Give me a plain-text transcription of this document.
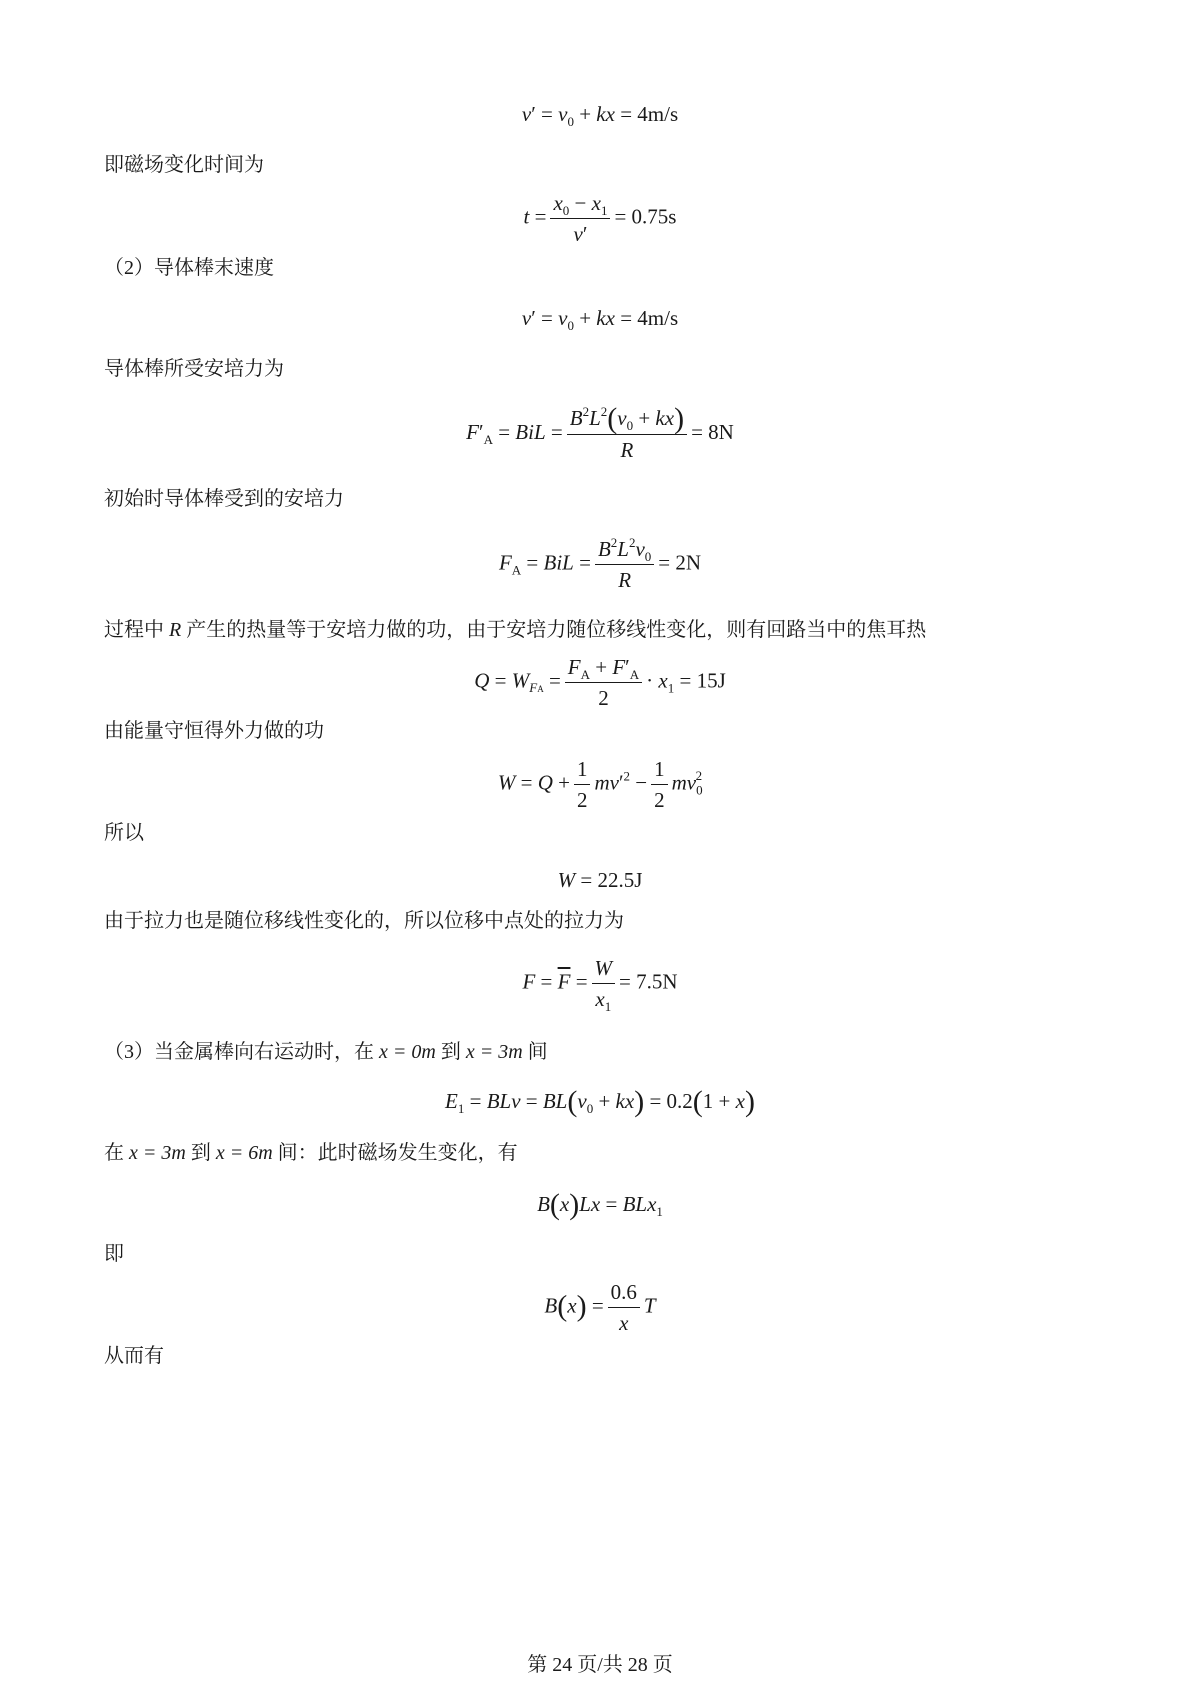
$v' = v_0$ + kx = 4m/s
即磁场变化时间为
$t = \frac{x_0 - x_1}{v'} = 0.75s$
（2）导体棒末速度
$v' = v_0$ + kx = 4m/s
导体棒所受安培力为
$F'_A$ = BiL = $\frac{B^2L^2(v_0 + kx)}{R} = 8N$
初始时导体棒受到的安培力
$F_A$ = BiL = $\frac{B^2L^2v_0}{R} = 2N$
过程中 R 产生的热量等于安培力做的功，由于安培力随位移线性变化，则有回路当中的焦耳热
$Q = W_{FA} = \frac{F_A + F'_A}{2} \cdot x_1 = 15J$
由能量守恒得外力做的功
$W = Q + \frac{1}{2} mv'^2 - \frac{1}{2} mv_0^2$
所以
W = 22.5J
由于拉力也是随位移线性变化的，所以位移中点处的拉力为
$F = \overline{F} = \frac{W}{x_1} = 7.5N$
（3）当金属棒向右运动时，在 x = 0m 到 x = 3m 间
$E_1$ = BLv = $BL(v_0 + kx) = 0.2(1 + x)$
在 x = 3m 到 x = 6m 间：此时磁场发生变化，有
B(x)Lx = BLx$_1$
即
$B(x) = \frac{0.6}{x}$ T
从而有
第 24 页/共 28 页
